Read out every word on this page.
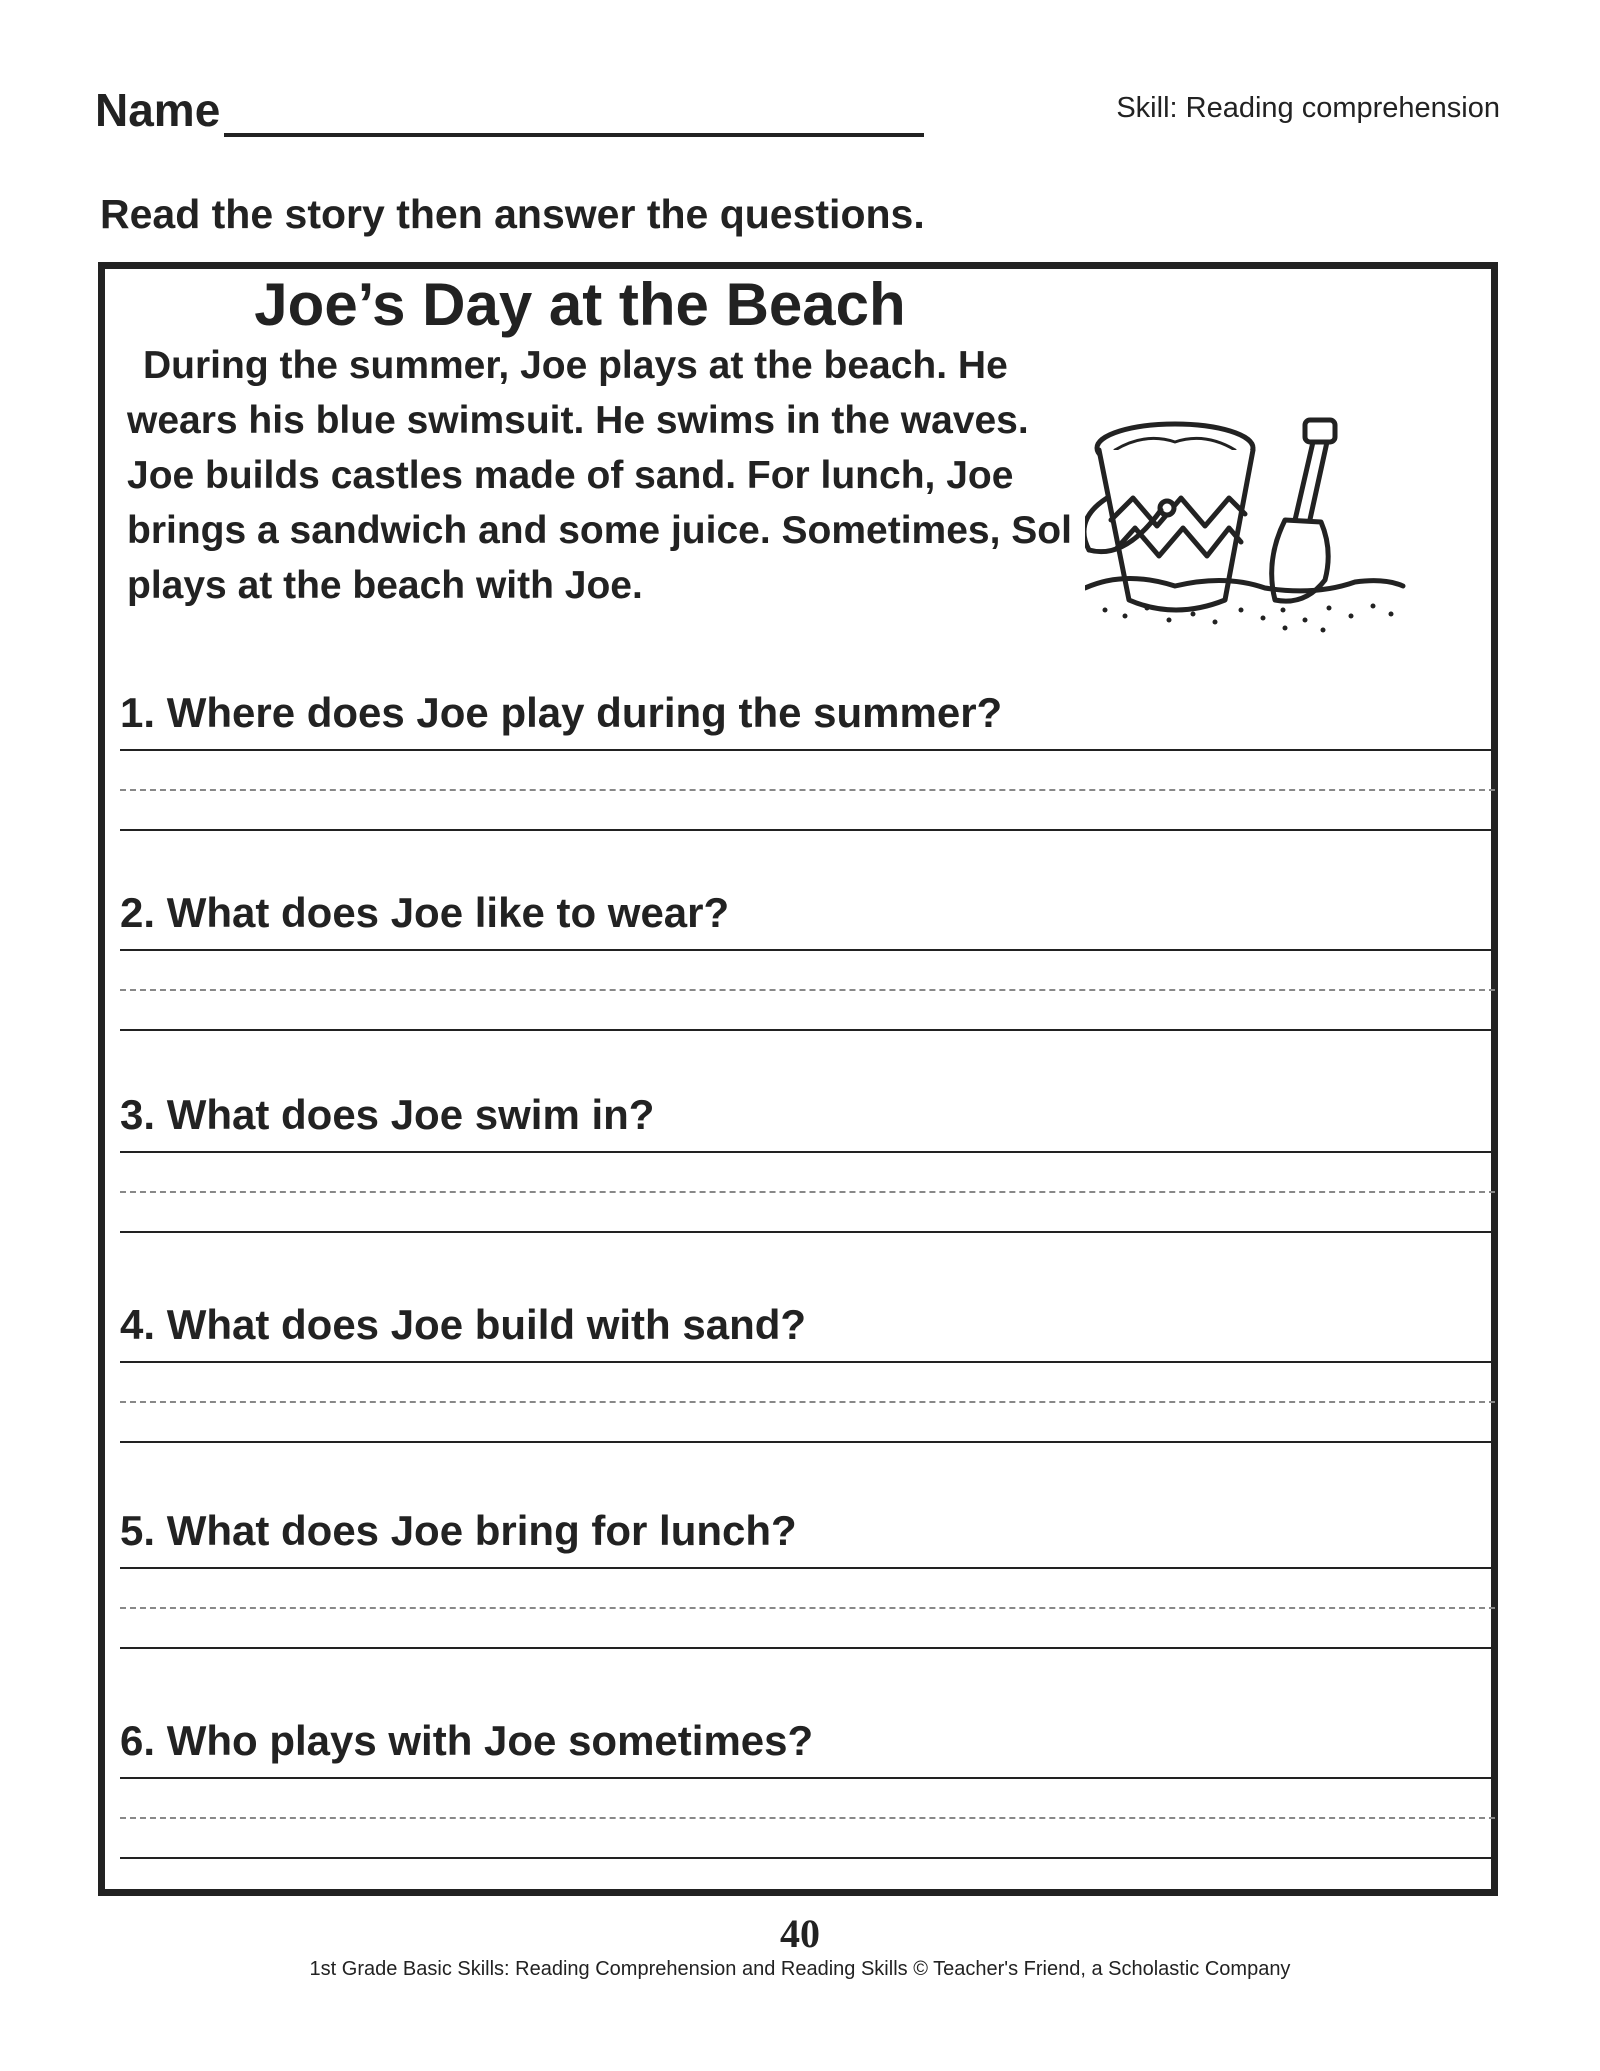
Name	Skill: Reading comprehension
Read the story then answer the questions.
Joe’s Day at the Beach

During the summer, Joe plays at the beach. He wears his blue swimsuit. He swims in the waves. Joe builds castles made of sand. For lunch, Joe brings a sandwich and some juice. Sometimes, Sol plays at the beach with Joe.

1. Where does Joe play during the summer?

2. What does Joe like to wear?

3. What does Joe swim in?

4. What does Joe build with sand?

5. What does Joe bring for lunch?

6. Who plays with Joe sometimes?

40
1st Grade Basic Skills: Reading Comprehension and Reading Skills © Teacher's Friend, a Scholastic Company
